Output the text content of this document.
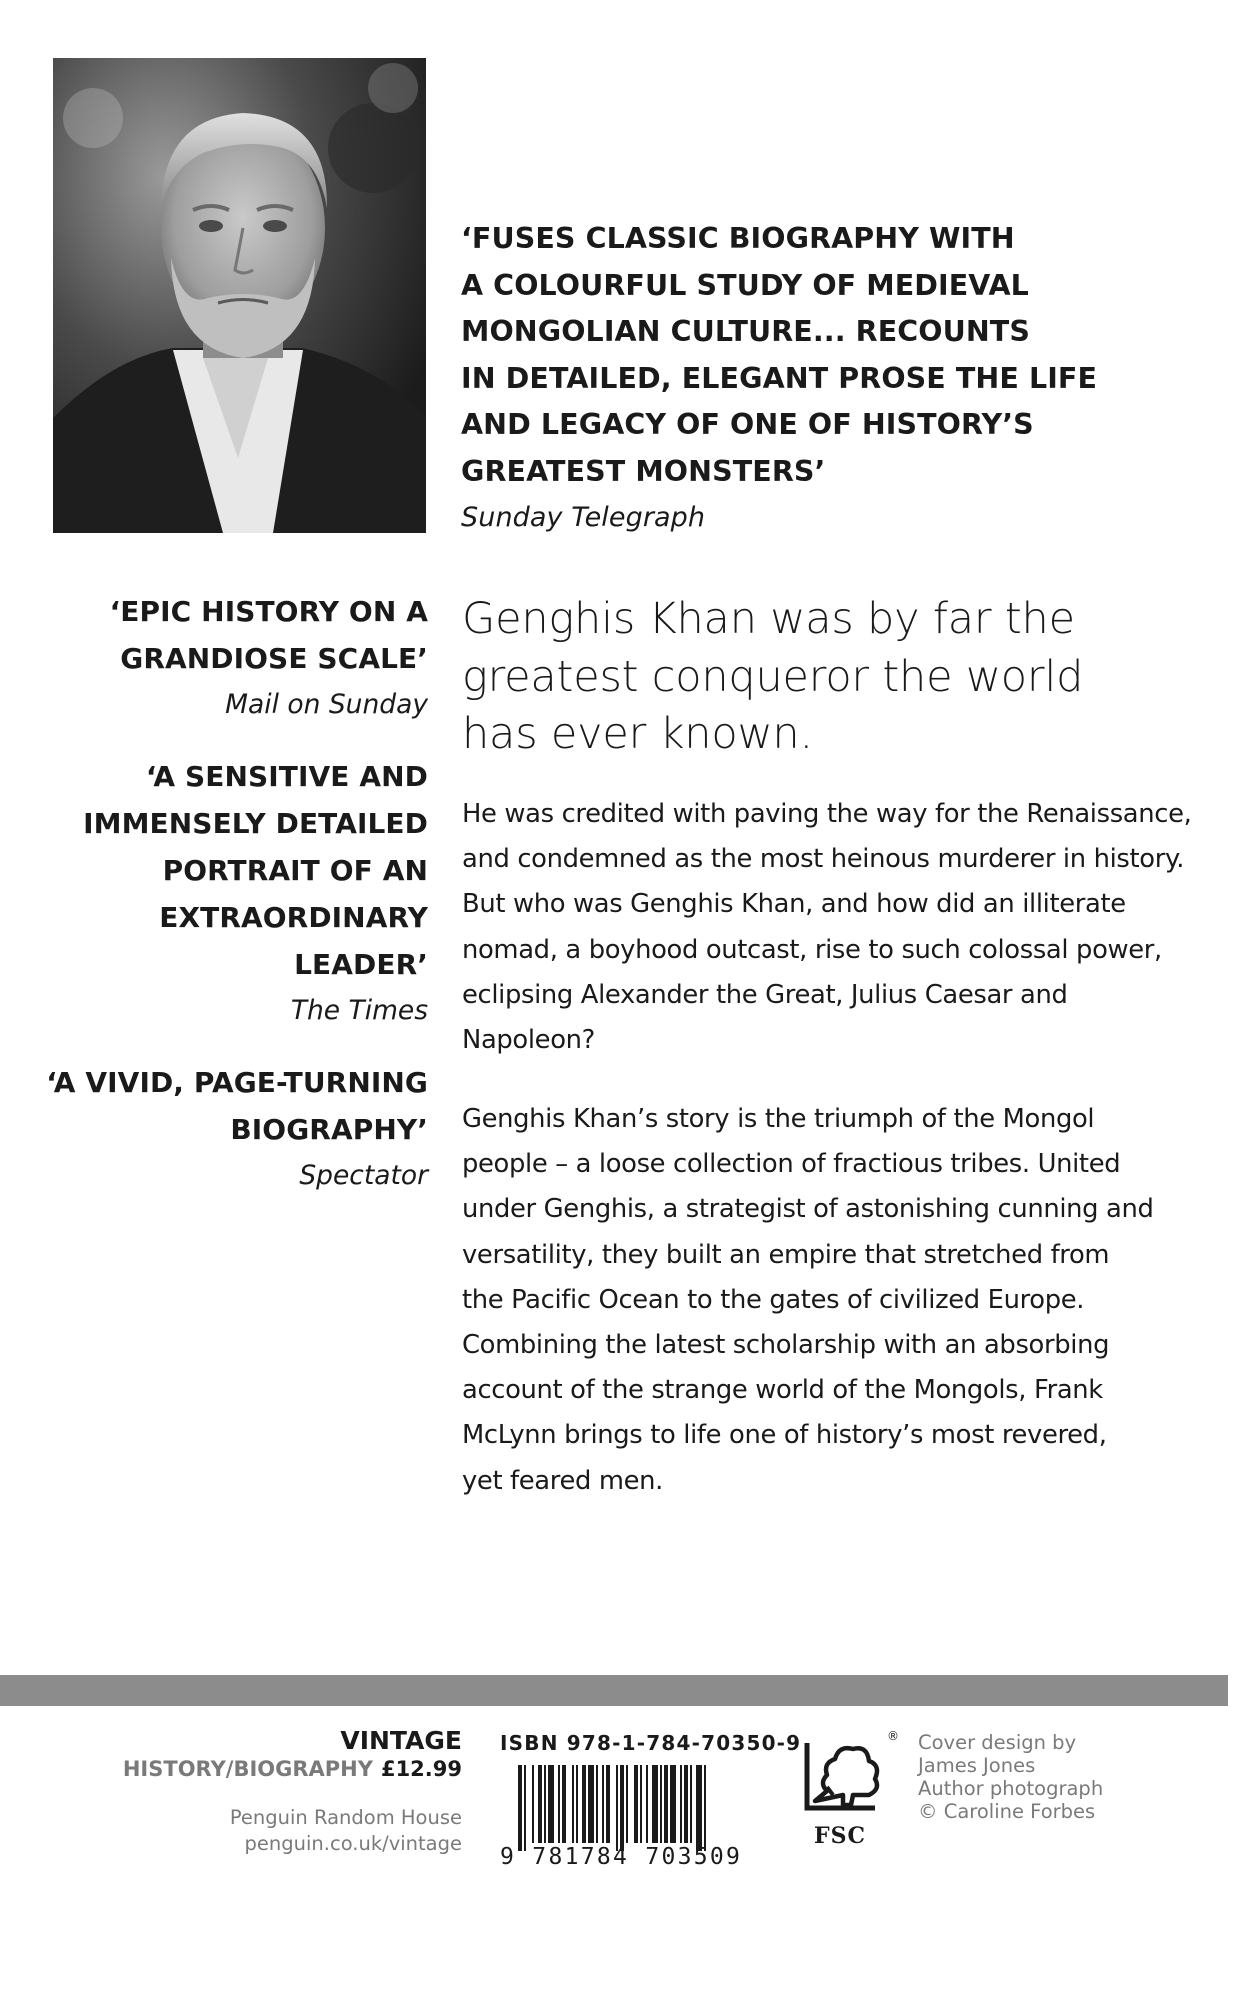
‘FUSES CLASSIC BIOGRAPHY WITH
A COLOURFUL STUDY OF MEDIEVAL
MONGOLIAN CULTURE... RECOUNTS
IN DETAILED, ELEGANT PROSE THE LIFE
AND LEGACY OF ONE OF HISTORY’S
GREATEST MONSTERS’
Sunday Telegraph
‘EPIC HISTORY ON A
GRANDIOSE SCALE’
Mail on Sunday
‘A SENSITIVE AND
IMMENSELY DETAILED
PORTRAIT OF AN
EXTRAORDINARY
LEADER’
The Times
‘A VIVID, PAGE-TURNING
BIOGRAPHY’
Spectator
Genghis Khan was by far the
greatest conqueror the world
has ever known.
He was credited with paving the way for the Renaissance,
and condemned as the most heinous murderer in history.
But who was Genghis Khan, and how did an illiterate
nomad, a boyhood outcast, rise to such colossal power,
eclipsing Alexander the Great, Julius Caesar and
Napoleon?
Genghis Khan’s story is the triumph of the Mongol
people – a loose collection of fractious tribes. United
under Genghis, a strategist of astonishing cunning and
versatility, they built an empire that stretched from
the Pacific Ocean to the gates of civilized Europe.
Combining the latest scholarship with an absorbing
account of the strange world of the Mongols, Frank
McLynn brings to life one of history’s most revered,
yet feared men.
VINTAGE
HISTORY/BIOGRAPHY £12.99
Penguin Random House
penguin.co.uk/vintage
ISBN 978-1-784-70350-9
9 781784 703509
®
FSC
Cover design by
James Jones
Author photograph
© Caroline Forbes
